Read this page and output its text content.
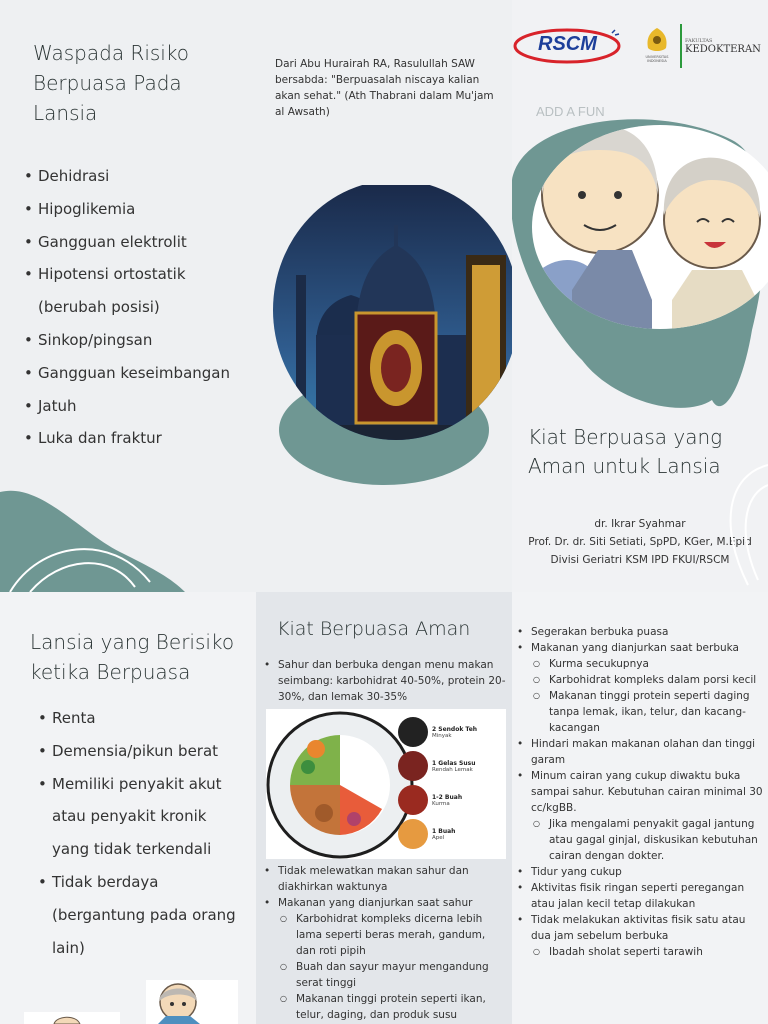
Waspada Risiko Berpuasa Pada Lansia
• Dehidrasi
• Hipoglikemia
• Gangguan elektrolit
• Hipotensi ortostatik (berubah posisi)
• Sinkop/pingsan
• Gangguan keseimbangan
• Jatuh
• Luka dan fraktur
Dari Abu Hurairah RA, Rasulullah SAW bersabda: "Berpuasalah niscaya kalian akan sehat." (Ath Thabrani dalam Mu'jam al Awsath)
RSCM
UNIVERSITAS INDONESIA
FAKULTAS
KEDOKTERAN
ADD A FUN
Kiat Berpuasa yang Aman untuk Lansia
dr. Ikrar Syahmar
Prof. Dr. dr. Siti Setiati, SpPD, KGer, M.Epid
Divisi Geriatri KSM IPD FKUI/RSCM
Lansia yang Berisiko ketika Berpuasa
• Renta
• Demensia/pikun berat
• Memiliki penyakit akut atau penyakit kronik yang tidak terkendali
• Tidak berdaya (bergantung pada orang lain)
Kiat Berpuasa Aman
• Sahur dan berbuka dengan menu makan seimbang: karbohidrat 40-50%, protein 20-30%, dan lemak 30-35%
2 Sendok Teh
Minyak
1 Gelas Susu
Rendah Lemak
1-2 Buah
Kurma
1 Buah
Apel
• Tidak melewatkan makan sahur dan diakhirkan waktunya
• Makanan yang dianjurkan saat sahur
○ Karbohidrat kompleks dicerna lebih lama seperti beras merah, gandum, dan roti pipih
○ Buah dan sayur mayur mengandung serat tinggi
○ Makanan tinggi protein seperti ikan, telur, daging, dan produk susu
• Segerakan berbuka puasa
• Makanan yang dianjurkan saat berbuka
○ Kurma secukupnya
○ Karbohidrat kompleks dalam porsi kecil
○ Makanan tinggi protein seperti daging tanpa lemak, ikan, telur, dan kacang-kacangan
• Hindari makan makanan olahan dan tinggi garam
• Minum cairan yang cukup diwaktu buka sampai sahur. Kebutuhan cairan minimal 30 cc/kgBB.
○ Jika mengalami penyakit gagal jantung atau gagal ginjal, diskusikan kebutuhan cairan dengan dokter.
• Tidur yang cukup
• Aktivitas fisik ringan seperti peregangan atau jalan kecil tetap dilakukan
• Tidak melakukan aktivitas fisik satu atau dua jam sebelum berbuka
○ Ibadah sholat seperti tarawih
